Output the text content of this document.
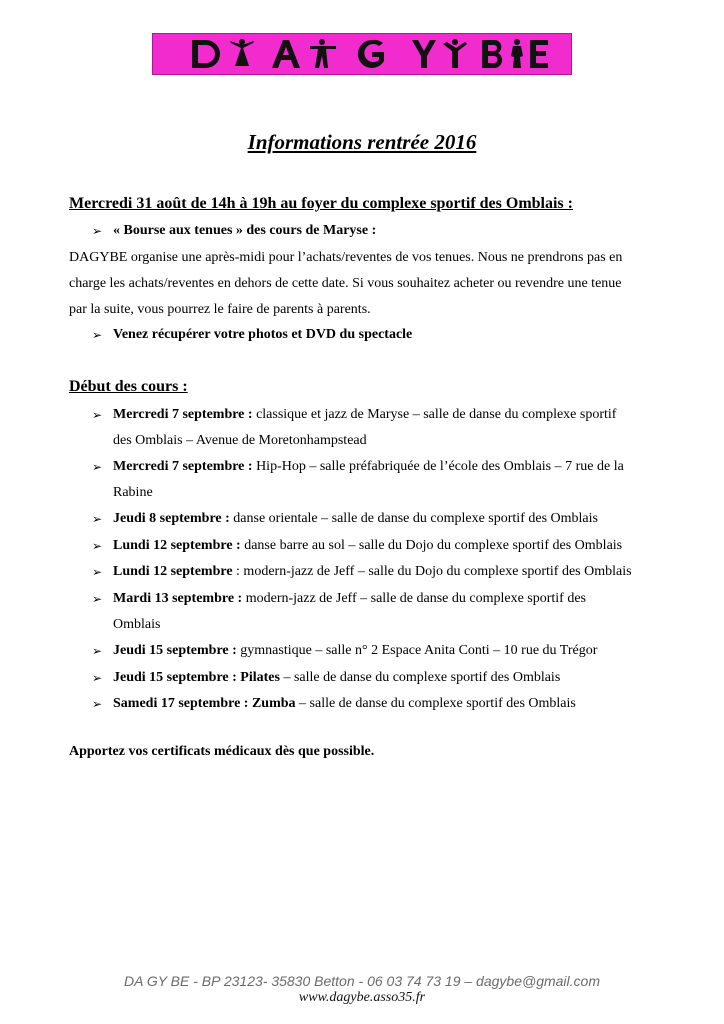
Informations rentrée 2016
Mercredi 31 août de 14h à 19h au foyer du complexe sportif des Omblais :
➢ « Bourse aux tenues » des cours de Maryse :
DAGYBE organise une après-midi pour l’achats/reventes de vos tenues. Nous ne prendrons pas en
charge les achats/reventes en dehors de cette date. Si vous souhaitez acheter ou revendre une tenue
par la suite, vous pourrez le faire de parents à parents.
➢ Venez récupérer votre photos et DVD du spectacle
Début des cours :
➢ Mercredi 7 septembre : classique et jazz de Maryse – salle de danse du complexe sportif
des Omblais – Avenue de Moretonhampstead
➢ Mercredi 7 septembre : Hip-Hop – salle préfabriquée de l’école des Omblais – 7 rue de la
Rabine
➢ Jeudi 8 septembre : danse orientale – salle de danse du complexe sportif des Omblais
➢ Lundi 12 septembre : danse barre au sol – salle du Dojo du complexe sportif des Omblais
➢ Lundi 12 septembre : modern-jazz de Jeff – salle du Dojo du complexe sportif des Omblais
➢ Mardi 13 septembre : modern-jazz de Jeff – salle de danse du complexe sportif des
Omblais
➢ Jeudi 15 septembre : gymnastique – salle n° 2 Espace Anita Conti – 10 rue du Trégor
➢ Jeudi 15 septembre : Pilates – salle de danse du complexe sportif des Omblais
➢ Samedi 17 septembre : Zumba – salle de danse du complexe sportif des Omblais
Apportez vos certificats médicaux dès que possible.
DA GY BE - BP 23123- 35830 Betton - 06 03 74 73 19 – dagybe@gmail.com
www.dagybe.asso35.fr
